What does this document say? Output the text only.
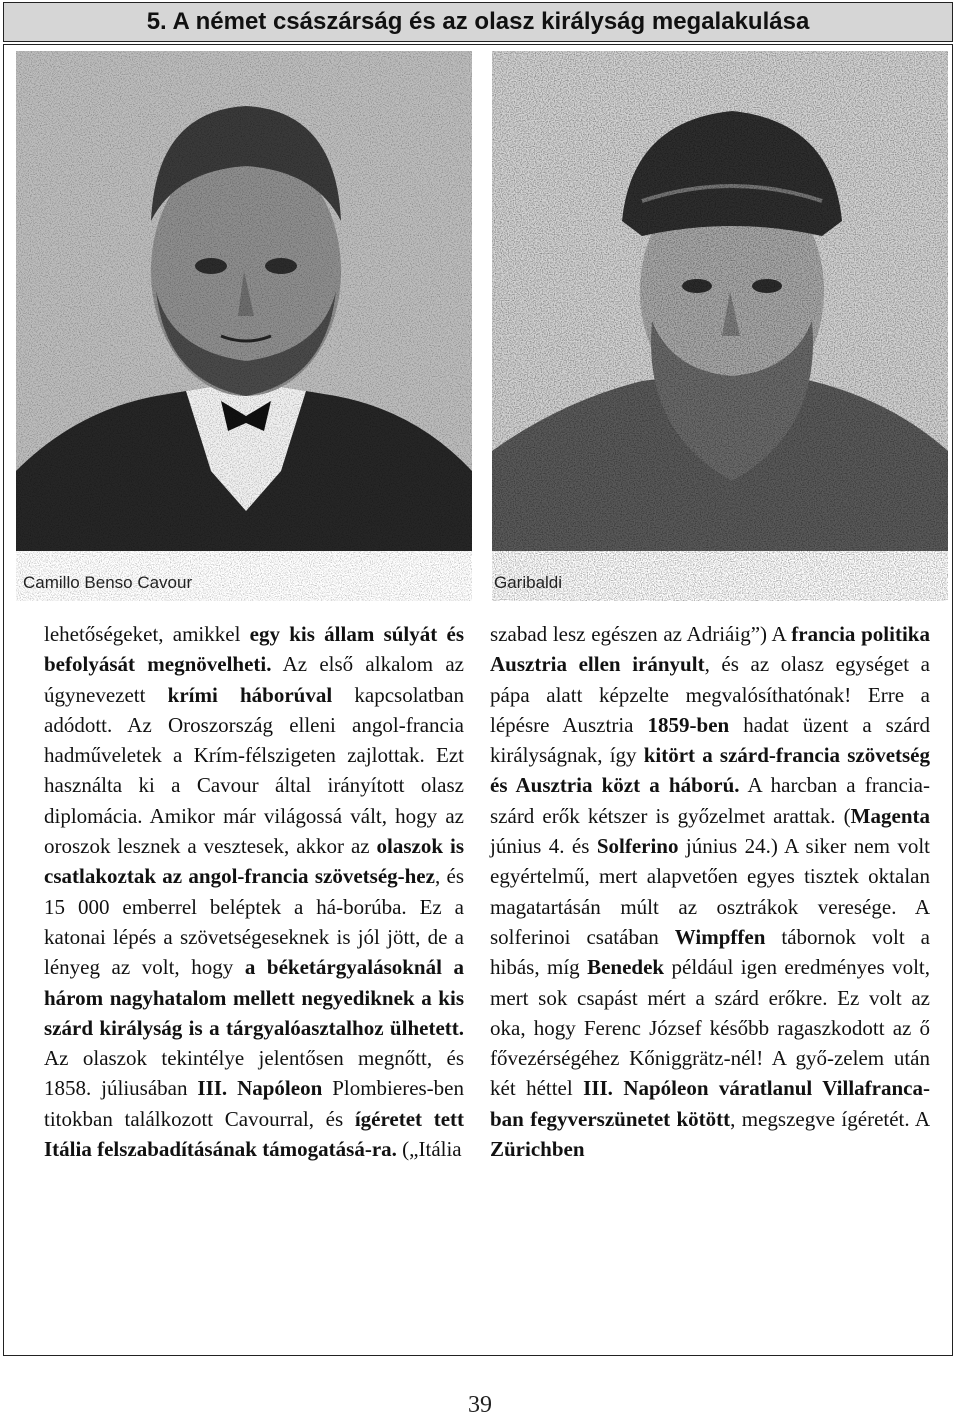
5. A német császárság és az olasz királyság megalakulása
Camillo Benso Cavour	Garibaldi

lehetőségeket, amikkel egy kis állam súlyát és befolyását megnövelheti. Az első alkalom az úgynevezett krími háborúval kapcsolatban adódott. Az Oroszország elleni angol-francia hadműveletek a Krím-félszigeten zajlottak. Ezt használta ki a Cavour által irányított olasz diplomácia. Amikor már világossá vált, hogy az oroszok lesznek a vesztesek, akkor az olaszok is csatlakoztak az angol-francia szövetség-hez, és 15 000 emberrel beléptek a há-borúba. Ez a katonai lépés a szövetségeseknek is jól jött, de a lényeg az volt, hogy a béketárgyalásoknál a három nagyhatalom mellett negyediknek a kis szárd királyság is a tárgyalóasztalhoz ülhetett. Az olaszok tekintélye jelentősen megnőtt, és 1858. júliusában III. Napóleon Plombieres-ben titokban találkozott Cavourral, és ígéretet tett Itália felszabadításának támogatásá-ra. („Itália

szabad lesz egészen az Adriáig”) A francia politika Ausztria ellen irányult, és az olasz egységet a pápa alatt képzelte megvalósíthatónak! Erre a lépésre Ausztria 1859-ben hadat üzent a szárd királyságnak, így kitört a szárd-francia szövetség és Ausztria közt a háború. A harcban a francia-szárd erők kétszer is győzelmet arattak. (Magenta június 4. és Solferino június 24.) A siker nem volt egyértelmű, mert alapvetően egyes tisztek oktalan magatartásán múlt az osztrákok veresége. A solferinoi csatában Wimpffen tábornok volt a hibás, míg Benedek például igen eredményes volt, mert sok csapást mért a szárd erőkre. Ez volt az oka, hogy Ferenc József később ragaszkodott az ő fővezérségéhez Kőniggrätz-nél! A győ-zelem után két héttel III. Napóleon váratlanul Villafranca-ban fegyverszünetet kötött, megszegve ígéretét. A Zürichben

39
